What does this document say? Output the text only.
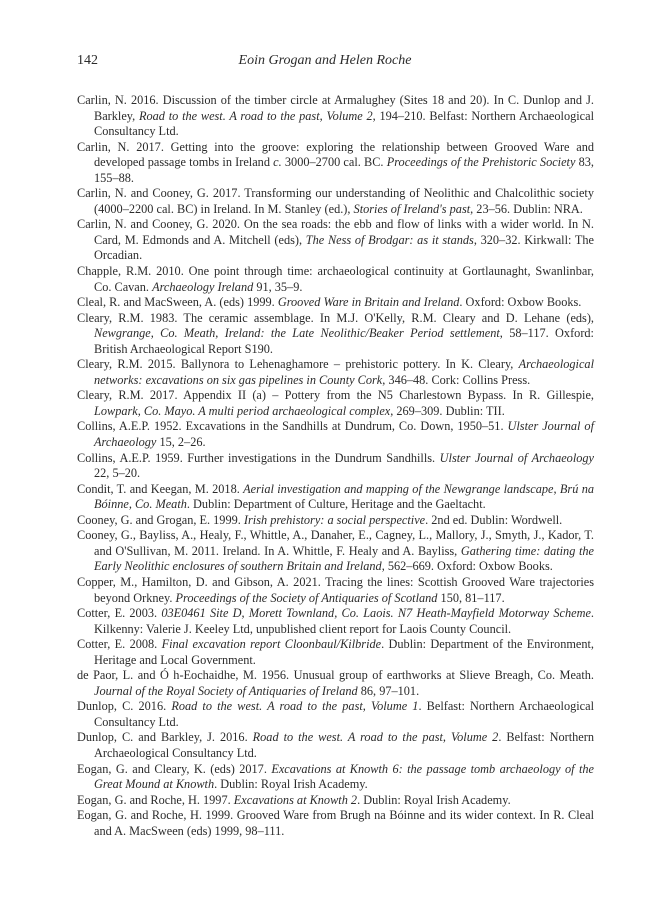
142	Eoin Grogan and Helen Roche
Carlin, N. 2016. Discussion of the timber circle at Armalughey (Sites 18 and 20). In C. Dunlop and J. Barkley, Road to the west. A road to the past, Volume 2, 194–210. Belfast: Northern Archaeological Consultancy Ltd.
Carlin, N. 2017. Getting into the groove: exploring the relationship between Grooved Ware and developed passage tombs in Ireland c. 3000–2700 cal. BC. Proceedings of the Prehistoric Society 83, 155–88.
Carlin, N. and Cooney, G. 2017. Transforming our understanding of Neolithic and Chalcolithic society (4000–2200 cal. BC) in Ireland. In M. Stanley (ed.), Stories of Ireland's past, 23–56. Dublin: NRA.
Carlin, N. and Cooney, G. 2020. On the sea roads: the ebb and flow of links with a wider world. In N. Card, M. Edmonds and A. Mitchell (eds), The Ness of Brodgar: as it stands, 320–32. Kirkwall: The Orcadian.
Chapple, R.M. 2010. One point through time: archaeological continuity at Gortlaunaght, Swanlinbar, Co. Cavan. Archaeology Ireland 91, 35–9.
Cleal, R. and MacSween, A. (eds) 1999. Grooved Ware in Britain and Ireland. Oxford: Oxbow Books.
Cleary, R.M. 1983. The ceramic assemblage. In M.J. O'Kelly, R.M. Cleary and D. Lehane (eds), Newgrange, Co. Meath, Ireland: the Late Neolithic/Beaker Period settlement, 58–117. Oxford: British Archaeological Report S190.
Cleary, R.M. 2015. Ballynora to Lehenaghamore – prehistoric pottery. In K. Cleary, Archaeological networks: excavations on six gas pipelines in County Cork, 346–48. Cork: Collins Press.
Cleary, R.M. 2017. Appendix II (a) – Pottery from the N5 Charlestown Bypass. In R. Gillespie, Lowpark, Co. Mayo. A multi period archaeological complex, 269–309. Dublin: TII.
Collins, A.E.P. 1952. Excavations in the Sandhills at Dundrum, Co. Down, 1950–51. Ulster Journal of Archaeology 15, 2–26.
Collins, A.E.P. 1959. Further investigations in the Dundrum Sandhills. Ulster Journal of Archaeology 22, 5–20.
Condit, T. and Keegan, M. 2018. Aerial investigation and mapping of the Newgrange landscape, Brú na Bóinne, Co. Meath. Dublin: Department of Culture, Heritage and the Gaeltacht.
Cooney, G. and Grogan, E. 1999. Irish prehistory: a social perspective. 2nd ed. Dublin: Wordwell.
Cooney, G., Bayliss, A., Healy, F., Whittle, A., Danaher, E., Cagney, L., Mallory, J., Smyth, J., Kador, T. and O'Sullivan, M. 2011. Ireland. In A. Whittle, F. Healy and A. Bayliss, Gathering time: dating the Early Neolithic enclosures of southern Britain and Ireland, 562–669. Oxford: Oxbow Books.
Copper, M., Hamilton, D. and Gibson, A. 2021. Tracing the lines: Scottish Grooved Ware trajectories beyond Orkney. Proceedings of the Society of Antiquaries of Scotland 150, 81–117.
Cotter, E. 2003. 03E0461 Site D, Morett Townland, Co. Laois. N7 Heath-Mayfield Motorway Scheme. Kilkenny: Valerie J. Keeley Ltd, unpublished client report for Laois County Council.
Cotter, E. 2008. Final excavation report Cloonbaul/Kilbride. Dublin: Department of the Environment, Heritage and Local Government.
de Paor, L. and Ó h-Eochaidhe, M. 1956. Unusual group of earthworks at Slieve Breagh, Co. Meath. Journal of the Royal Society of Antiquaries of Ireland 86, 97–101.
Dunlop, C. 2016. Road to the west. A road to the past, Volume 1. Belfast: Northern Archaeological Consultancy Ltd.
Dunlop, C. and Barkley, J. 2016. Road to the west. A road to the past, Volume 2. Belfast: Northern Archaeological Consultancy Ltd.
Eogan, G. and Cleary, K. (eds) 2017. Excavations at Knowth 6: the passage tomb archaeology of the Great Mound at Knowth. Dublin: Royal Irish Academy.
Eogan, G. and Roche, H. 1997. Excavations at Knowth 2. Dublin: Royal Irish Academy.
Eogan, G. and Roche, H. 1999. Grooved Ware from Brugh na Bóinne and its wider context. In R. Cleal and A. MacSween (eds) 1999, 98–111.
